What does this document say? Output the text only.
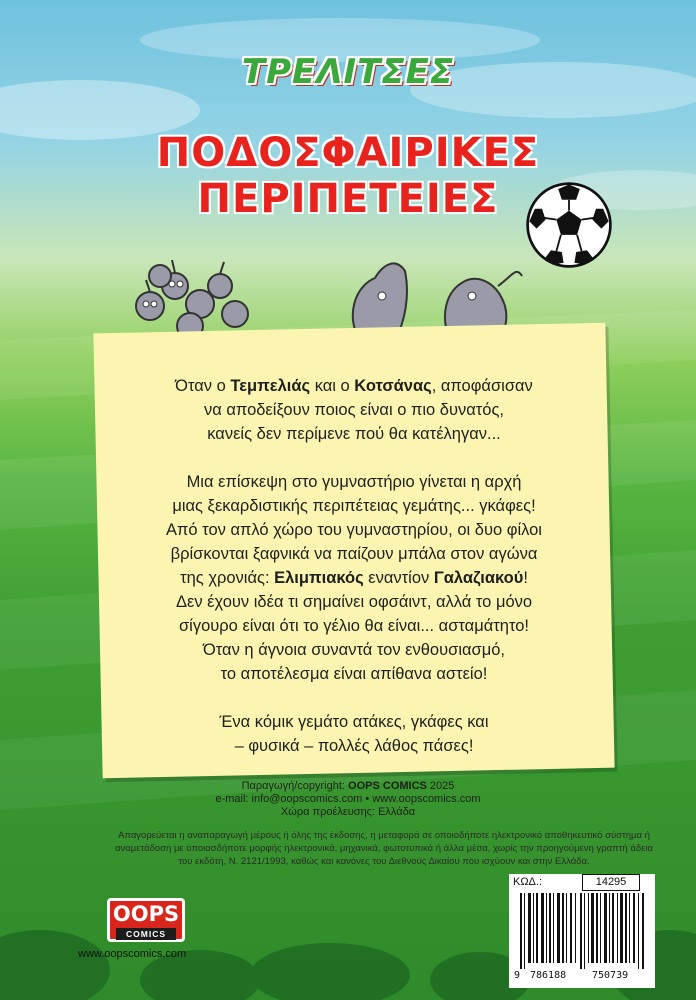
ΤΡΕΛΙΤΣΕΣ
ΠΟΔΟΣΦΑΙΡΙΚΕΣ
ΠΕΡΙΠΕΤΕΙΕΣ

Όταν ο Τεμπελιάς και ο Κοτσάνας, αποφάσισαν
να αποδείξουν ποιος είναι ο πιο δυνατός,
κανείς δεν περίμενε πού θα κατέληγαν...

Μια επίσκεψη στο γυμναστήριο γίνεται η αρχή
μιας ξεκαρδιστικής περιπέτειας γεμάτης... γκάφες!
Από τον απλό χώρο του γυμναστηρίου, οι δυο φίλοι
βρίσκονται ξαφνικά να παίζουν μπάλα στον αγώνα
της χρονιάς: Ελιμπιακός εναντίον Γαλαζιακού!
Δεν έχουν ιδέα τι σημαίνει οφσάιντ, αλλά το μόνο
σίγουρο είναι ότι το γέλιο θα είναι... ασταμάτητο!
Όταν η άγνοια συναντά τον ενθουσιασμό,
το αποτέλεσμα είναι απίθανα αστείο!

Ένα κόμικ γεμάτο ατάκες, γκάφες και
– φυσικά – πολλές λάθος πάσες!

Παραγωγή/copyright: OOPS COMICS 2025
e-mail: info@oopscomics.com • www.oopscomics.com
Χώρα προέλευσης: Ελλάδα
Απαγορεύεται η αναπαραγωγή μέρους ή όλης της έκδοσης, η μεταφορά σε οποιοδήποτε ηλεκτρονικό αποθηκευτικό σύστημα ή αναμετάδοση με οποιασδήποτε μορφής ηλεκτρονικά, μηχανικά, φωτοτυπικά ή άλλα μέσα, χωρίς την προηγούμενη γραπτή άδεια του εκδότη, Ν. 2121/1993, καθώς και κανόνες του Διεθνούς Δικαίου που ισχύουν και στην Ελλάδα.
OOPS
COMICS
www.oopscomics.com
ΚΩΔ.:	14295
9 786188	750739
